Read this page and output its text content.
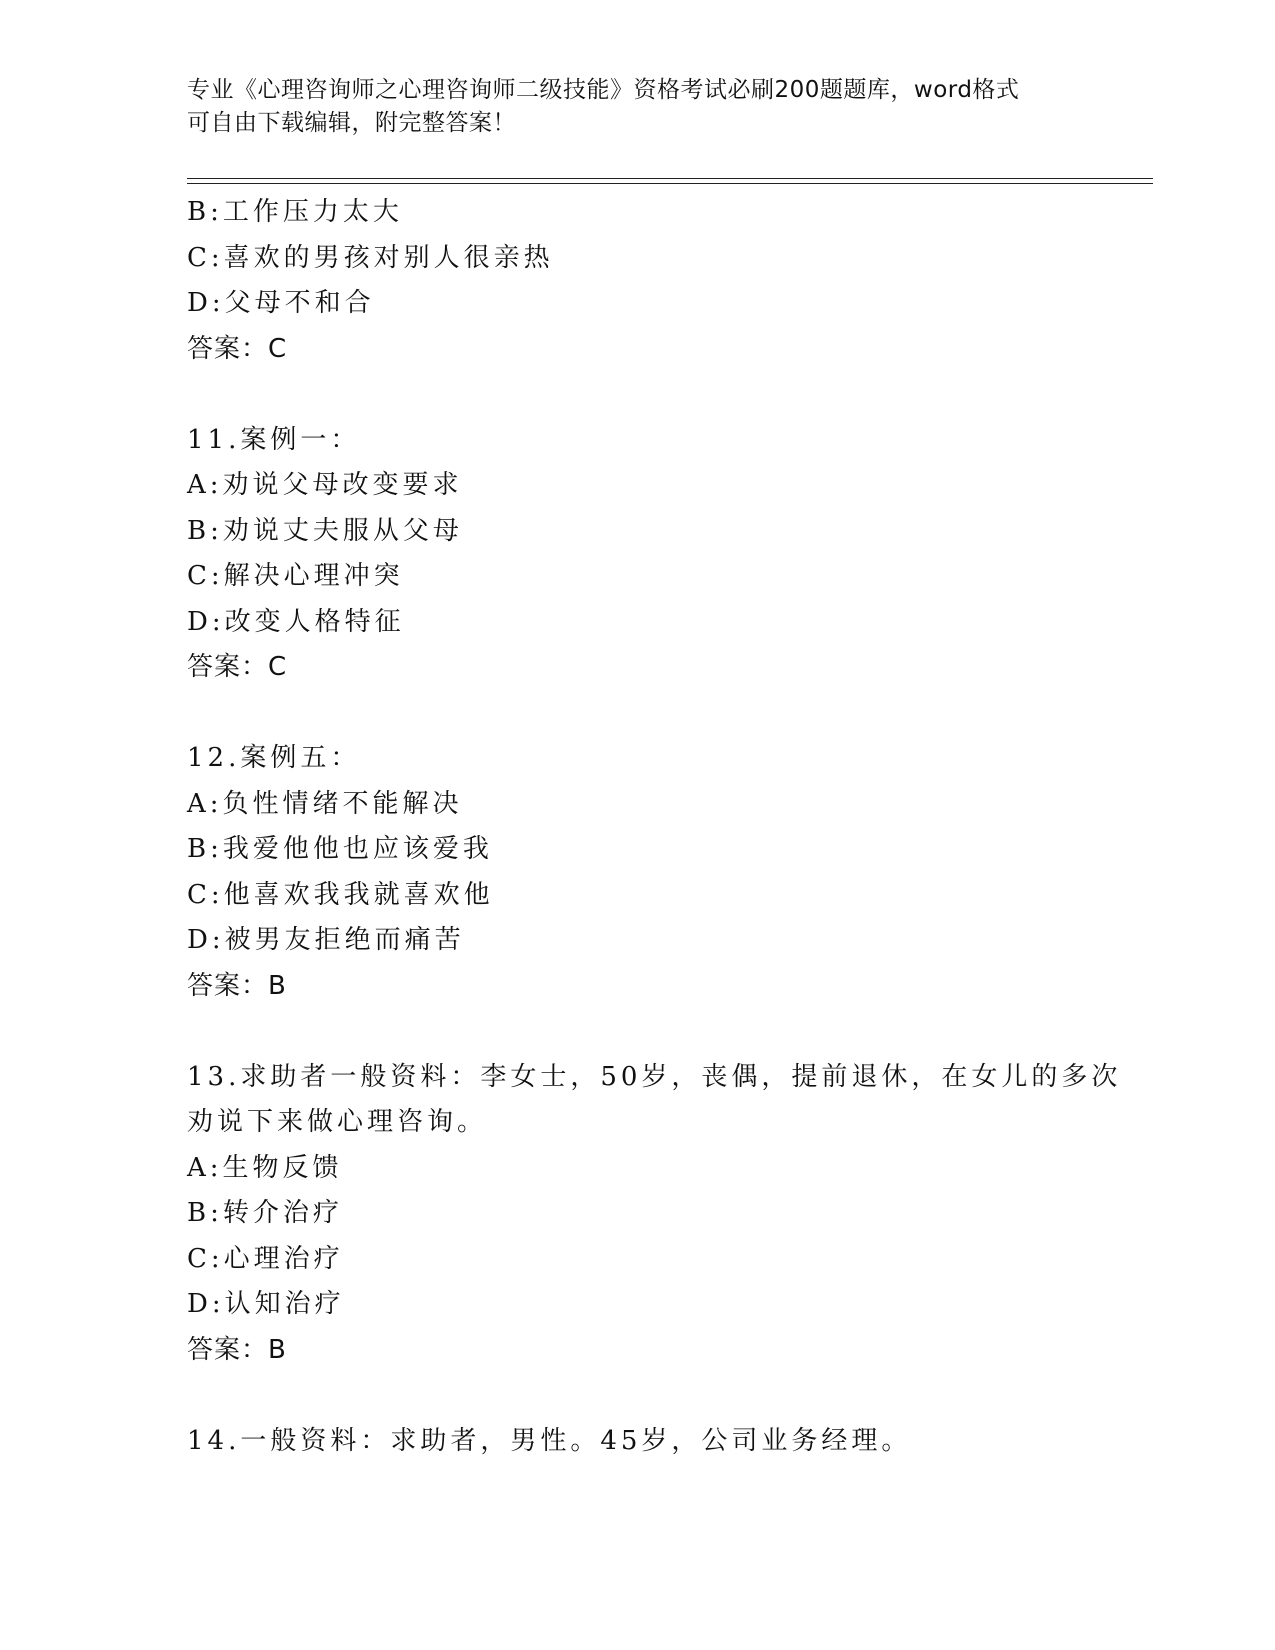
专业《心理咨询师之心理咨询师二级技能》资格考试必刷200题题库，word格式
可自由下载编辑，附完整答案！
B:工作压力太大
C:喜欢的男孩对别人很亲热
D:父母不和合
答案：C
11.案例一：
A:劝说父母改变要求
B:劝说丈夫服从父母
C:解决心理冲突
D:改变人格特征
答案：C
12.案例五：
A:负性情绪不能解决
B:我爱他他也应该爱我
C:他喜欢我我就喜欢他
D:被男友拒绝而痛苦
答案：B
13.求助者一般资料：李女士，50岁，丧偶，提前退休，在女儿的多次
劝说下来做心理咨询。
A:生物反馈
B:转介治疗
C:心理治疗
D:认知治疗
答案：B
14.一般资料：求助者，男性。45岁，公司业务经理。
